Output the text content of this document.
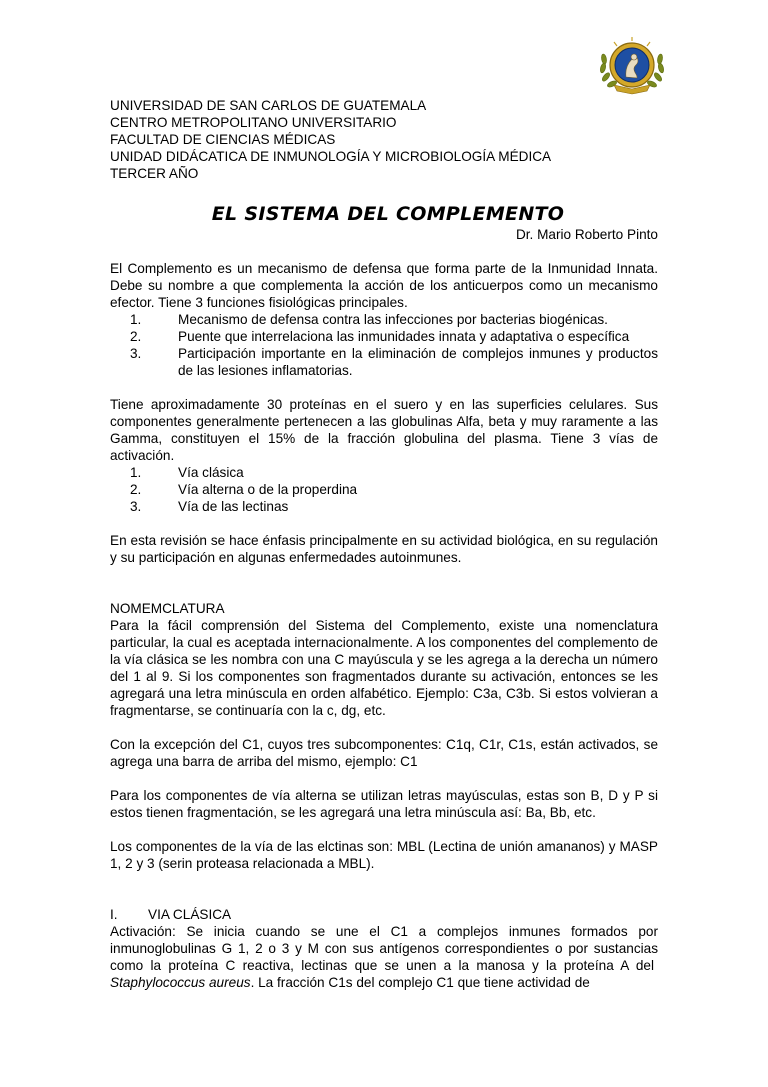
UNIVERSIDAD DE SAN CARLOS DE GUATEMALA
CENTRO METROPOLITANO UNIVERSITARIO
FACULTAD DE CIENCIAS MÉDICAS
UNIDAD DIDÁCATICA DE INMUNOLOGÍA Y MICROBIOLOGÍA MÉDICA
TERCER AÑO
EL SISTEMA DEL COMPLEMENTO
Dr. Mario Roberto Pinto
El Complemento es un mecanismo de defensa que forma parte de la Inmunidad Innata. Debe su nombre a que complementa la acción de los anticuerpos como un mecanismo efector. Tiene 3 funciones fisiológicas principales.
1.	Mecanismo de defensa contra las infecciones por bacterias biogénicas.
2.	Puente que interrelaciona las inmunidades innata y adaptativa o específica
3.	Participación importante en la eliminación de complejos inmunes y productos de las lesiones inflamatorias.
Tiene aproximadamente 30 proteínas en el suero y en las superficies celulares. Sus componentes generalmente pertenecen a las globulinas Alfa, beta y muy raramente a las Gamma, constituyen el 15% de la fracción globulina del plasma. Tiene 3 vías de activación.
1.	Vía clásica
2.	Vía alterna o de la properdina
3.	Vía de las lectinas
En esta revisión se hace énfasis principalmente en su actividad biológica, en su regulación y su participación en algunas enfermedades autoinmunes.
NOMEMCLATURA
Para la fácil comprensión del Sistema del Complemento, existe una nomenclatura particular, la cual es aceptada internacionalmente. A los componentes del complemento de la vía clásica se les nombra con una C mayúscula y se les agrega a la derecha un número del 1 al 9. Si los componentes son fragmentados durante su activación, entonces se les agregará una letra minúscula en orden alfabético. Ejemplo: C3a, C3b. Si estos volvieran a fragmentarse, se continuaría con la c, dg, etc.
Con la excepción del C1, cuyos tres subcomponentes: C1q, C1r, C1s, están activados, se agrega una barra de arriba del mismo, ejemplo: C1
Para los componentes de vía alterna se utilizan letras mayúsculas, estas son B, D y P si estos tienen fragmentación, se les agregará una letra minúscula así: Ba, Bb, etc.
Los componentes de la vía de las elctinas son: MBL (Lectina de unión amananos) y MASP 1, 2 y 3 (serin proteasa relacionada a MBL).
I. VIA CLÁSICA
Activación: Se inicia cuando se une el C1 a complejos inmunes formados por inmunoglobulinas G 1, 2 o 3 y M con sus antígenos correspondientes o por sustancias como la proteína C reactiva, lectinas que se unen a la manosa y la proteína A delStaphylococcus aureus. La fracción C1s del complejo C1 que tiene actividad de
